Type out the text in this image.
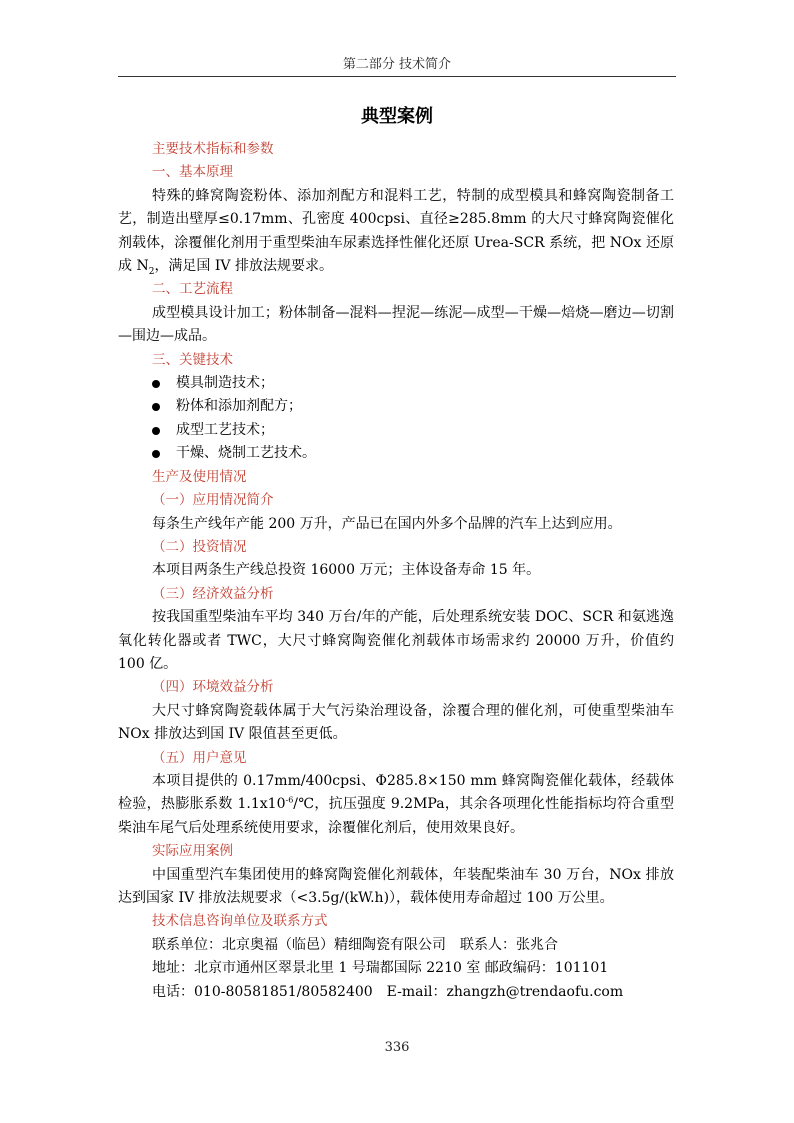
第二部分 技术简介
典型案例
主要技术指标和参数
一、基本原理

特殊的蜂窝陶瓷粉体、添加剂配方和混料工艺，特制的成型模具和蜂窝陶瓷制备工艺，制造出壁厚≤0.17mm、孔密度 400cpsi、直径≥285.8mm 的大尺寸蜂窝陶瓷催化剂载体，涂覆催化剂用于重型柴油车尿素选择性催化还原 Urea-SCR 系统，把 NOx 还原成 $N_2$，满足国 IV 排放法规要求。

二、工艺流程

成型模具设计加工；粉体制备—混料—捏泥—练泥—成型—干燥—焙烧—磨边—切割—围边—成品。

三、关键技术
模具制造技术；
粉体和添加剂配方；
成型工艺技术；
干燥、烧制工艺技术。
生产及使用情况
（一）应用情况简介

每条生产线年产能 200 万升，产品已在国内外多个品牌的汽车上达到应用。

（二）投资情况

本项目两条生产线总投资 16000 万元；主体设备寿命 15 年。

（三）经济效益分析

按我国重型柴油车平均 340 万台/年的产能，后处理系统安装 DOC、SCR 和氨逃逸氧化转化器或者 TWC，大尺寸蜂窝陶瓷催化剂载体市场需求约 20000 万升，价值约 100 亿。

（四）环境效益分析

大尺寸蜂窝陶瓷载体属于大气污染治理设备，涂覆合理的催化剂，可使重型柴油车 NOx 排放达到国 IV 限值甚至更低。

（五）用户意见

本项目提供的 0.17mm/400cpsi、Φ285.8×150 mm 蜂窝陶瓷催化载体，经载体检验，热膨胀系数 $1.1x10^{-6}/℃$，抗压强度 9.2MPa，其余各项理化性能指标均符合重型柴油车尾气后处理系统使用要求，涂覆催化剂后，使用效果良好。

实际应用案例

中国重型汽车集团使用的蜂窝陶瓷催化剂载体，年装配柴油车 30 万台，NOx 排放达到国家 IV 排放法规要求（<3.5g/(kW.h)），载体使用寿命超过 100 万公里。

技术信息咨询单位及联系方式

联系单位：北京奥福（临邑）精细陶瓷有限公司　联系人：张兆合

地址：北京市通州区翠景北里 1 号瑞都国际 2210 室 邮政编码：101101

电话：010-80581851/80582400　E-mail：zhangzh@trendaofu.com

336
